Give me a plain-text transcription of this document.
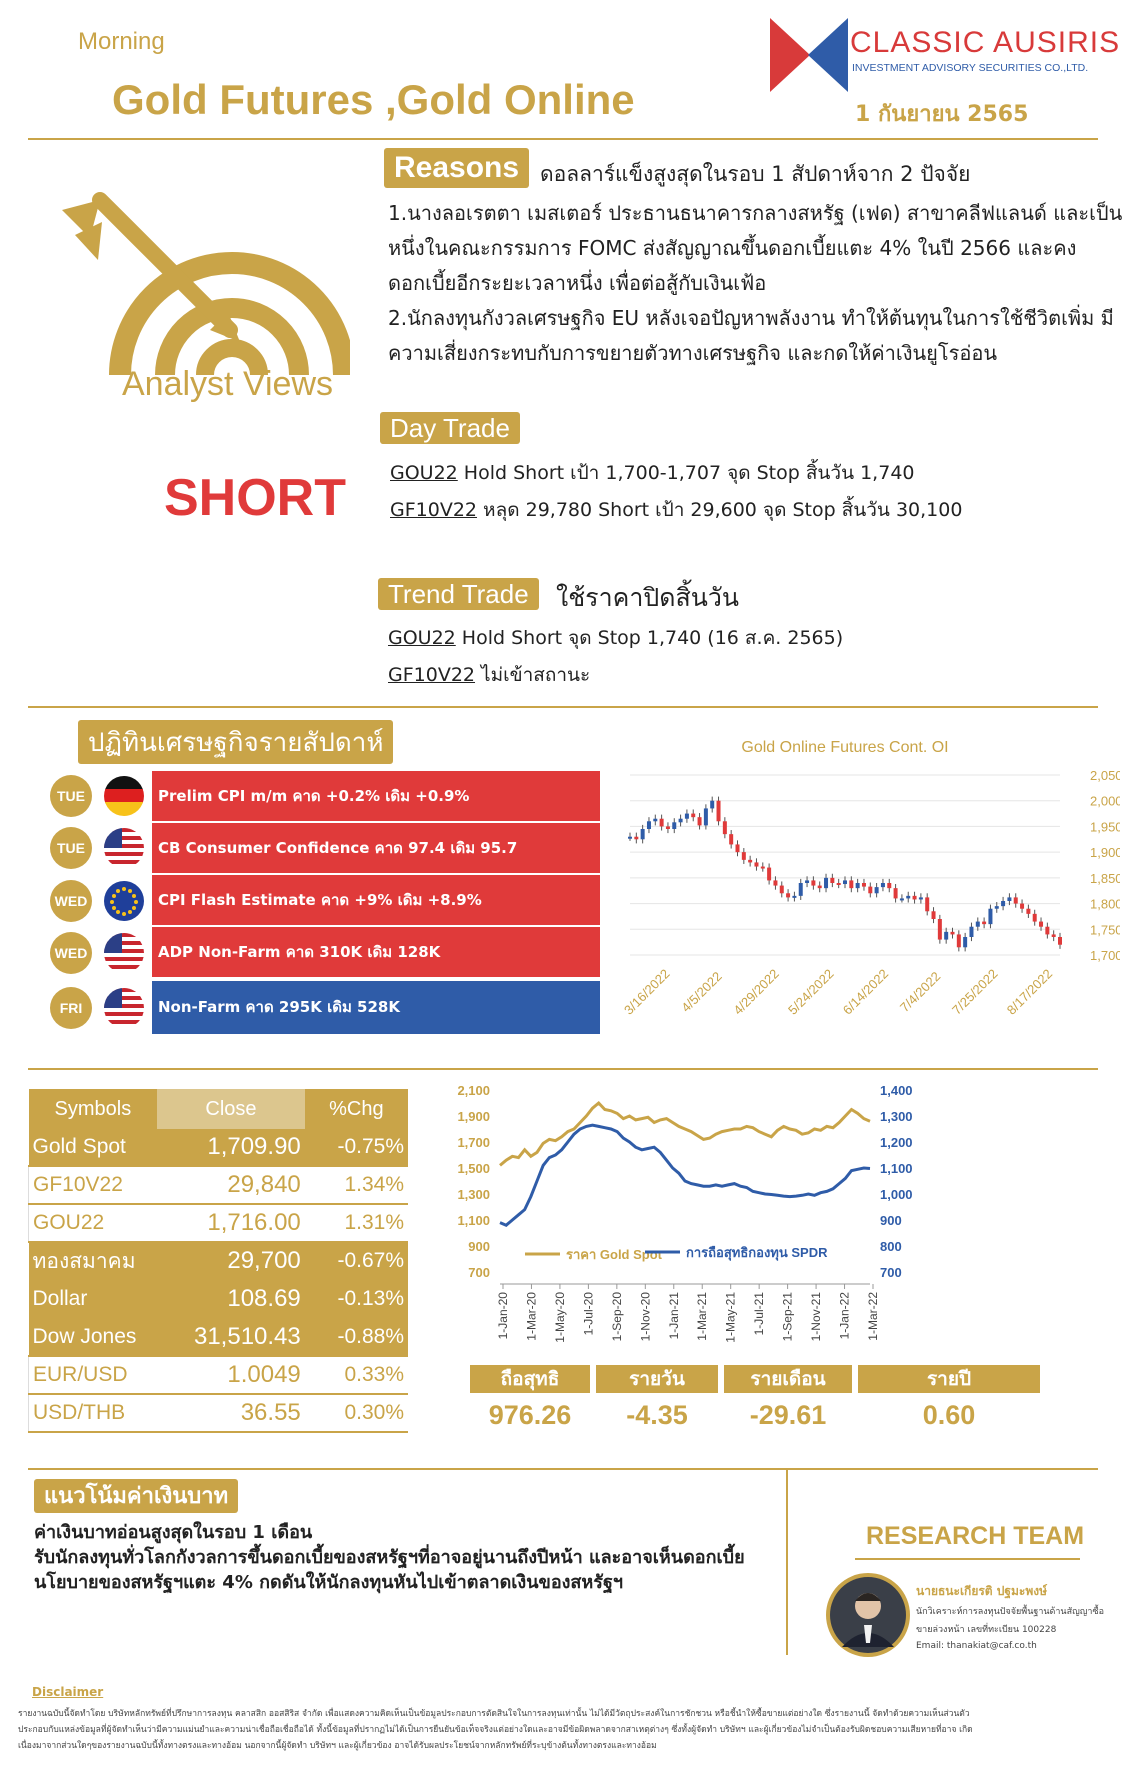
Morning
Gold Futures ,Gold Online
CLASSIC AUSIRIS
INVESTMENT ADVISORY SECURITIES CO.,LTD.
1 กันยายน 2565
Analyst Views
SHORT
Reasons ดอลลาร์แข็งสูงสุดในรอบ 1 สัปดาห์จาก 2 ปัจจัย
1.นางลอเรตตา เมสเตอร์ ประธานธนาคารกลางสหรัฐ (เฟด) สาขาคลีฟแลนด์ และเป็น
หนึ่งในคณะกรรมการ FOMC ส่งสัญญาณขึ้นดอกเบี้ยแตะ 4% ในปี 2566 และคง
ดอกเบี้ยอีกระยะเวลาหนึ่ง เพื่อต่อสู้กับเงินเฟ้อ
2.นักลงทุนกังวลเศรษฐกิจ EU หลังเจอปัญหาพลังงาน ทำให้ต้นทุนในการใช้ชีวิตเพิ่ม มี
ความเสี่ยงกระทบกับการขยายตัวทางเศรษฐกิจ และกดให้ค่าเงินยูโรอ่อน
Day Trade
GOU22 Hold Short เป้า 1,700-1,707 จุด Stop สิ้นวัน 1,740
GF10V22 หลุด 29,780 Short เป้า 29,600 จุด Stop สิ้นวัน 30,100
Trend Trade	ใช้ราคาปิดสิ้นวัน
GOU22 Hold Short จุด Stop 1,740 (16 ส.ค. 2565)
GF10V22 ไม่เข้าสถานะ
ปฏิทินเศรษฐกิจรายสัปดาห์
TUE	Prelim CPI m/m คาด +0.2% เดิม +0.9%
TUE	CB Consumer Confidence คาด 97.4 เดิม 95.7
WED	CPI Flash Estimate คาด +9% เดิม +8.9%
WED	ADP Non-Farm คาด 310K เดิม 128K
FRI	Non-Farm คาด 295K เดิม 528K
Gold Online Futures Cont. OI
2,050
2,000
1,950
1,900
1,850
1,800
1,750
1,700
3/16/2022 4/5/2022 4/29/2022 5/24/2022 6/14/2022 7/4/2022 7/25/2022 8/17/2022
Symbols	Close	%Chg
Gold Spot	1,709.90	-0.75%
GF10V22	29,840	1.34%
GOU22	1,716.00	1.31%
ทองสมาคม	29,700	-0.67%
Dollar	108.69	-0.13%
Dow Jones	31,510.43	-0.88%
EUR/USD	1.0049	0.33%
USD/THB	36.55	0.30%
2,100
1,900
1,700
1,500
1,300
1,100
900
700
1,400
1,300
1,200
1,100
1,000
900
800
700
1-Jan-20 1-Mar-20 1-May-20 1-Jul-20 1-Sep-20 1-Nov-20 1-Jan-21 1-Mar-21 1-May-21 1-Jul-21 1-Sep-21 1-Nov-21 1-Jan-22 1-Mar-22
ราคา Gold Spot การถือสุทธิกองทุน SPDR
ถือสุทธิ	รายวัน	รายเดือน	รายปี
976.26	-4.35	-29.61	0.60
แนวโน้มค่าเงินบาท
ค่าเงินบาทอ่อนสูงสุดในรอบ 1 เดือน
รับนักลงทุนทั่วโลกกังวลการขึ้นดอกเบี้ยของสหรัฐฯที่อาจอยู่นานถึงปีหน้า และอาจเห็นดอกเบี้ย
นโยบายของสหรัฐฯแตะ 4% กดดันให้นักลงทุนหันไปเข้าตลาดเงินของสหรัฐฯ
RESEARCH TEAM
นายธนะเกียรติ ปฐมะพงษ์
นักวิเคราะห์การลงทุนปัจจัยพื้นฐานด้านสัญญาซื้อ
ขายล่วงหน้า เลขที่ทะเบียน 100228
Email: thanakiat@caf.co.th
Disclaimer
รายงานฉบับนี้จัดทำโดย บริษัทหลักทรัพย์ที่ปรึกษาการลงทุน คลาสสิก ออสสิริส จำกัด เพื่อแสดงความคิดเห็นเป็นข้อมูลประกอบการตัดสินใจในการลงทุนเท่านั้น ไม่ได้มีวัตถุประสงค์ในการชักชวน หรือชี้นำให้ซื้อขายแต่อย่างใด ซึ่งรายงานนี้ จัดทำด้วยความเห็นส่วนตัว
ประกอบกับแหล่งข้อมูลที่ผู้จัดทำเห็นว่ามีความแม่นยำและความน่าเชื่อถือเชื่อถือได้ ทั้งนี้ข้อมูลที่ปรากฏไม่ได้เป็นการยืนยันข้อเท็จจริงแต่อย่างใดและอาจมีข้อผิดพลาดจากสาเหตุต่างๆ ซึ่งทั้งผู้จัดทำ บริษัทฯ และผู้เกี่ยวข้องไม่จำเป็นต้องรับผิดชอบความเสียหายที่อาจ เกิด
เนื่องมาจากส่วนใดๆของรายงานฉบับนี้ทั้งทางตรงและทางอ้อม นอกจากนี้ผู้จัดทำ บริษัทฯ และผู้เกี่ยวข้อง อาจได้รับผลประโยชน์จากหลักทรัพย์ที่ระบุข้างต้นทั้งทางตรงและทางอ้อม
